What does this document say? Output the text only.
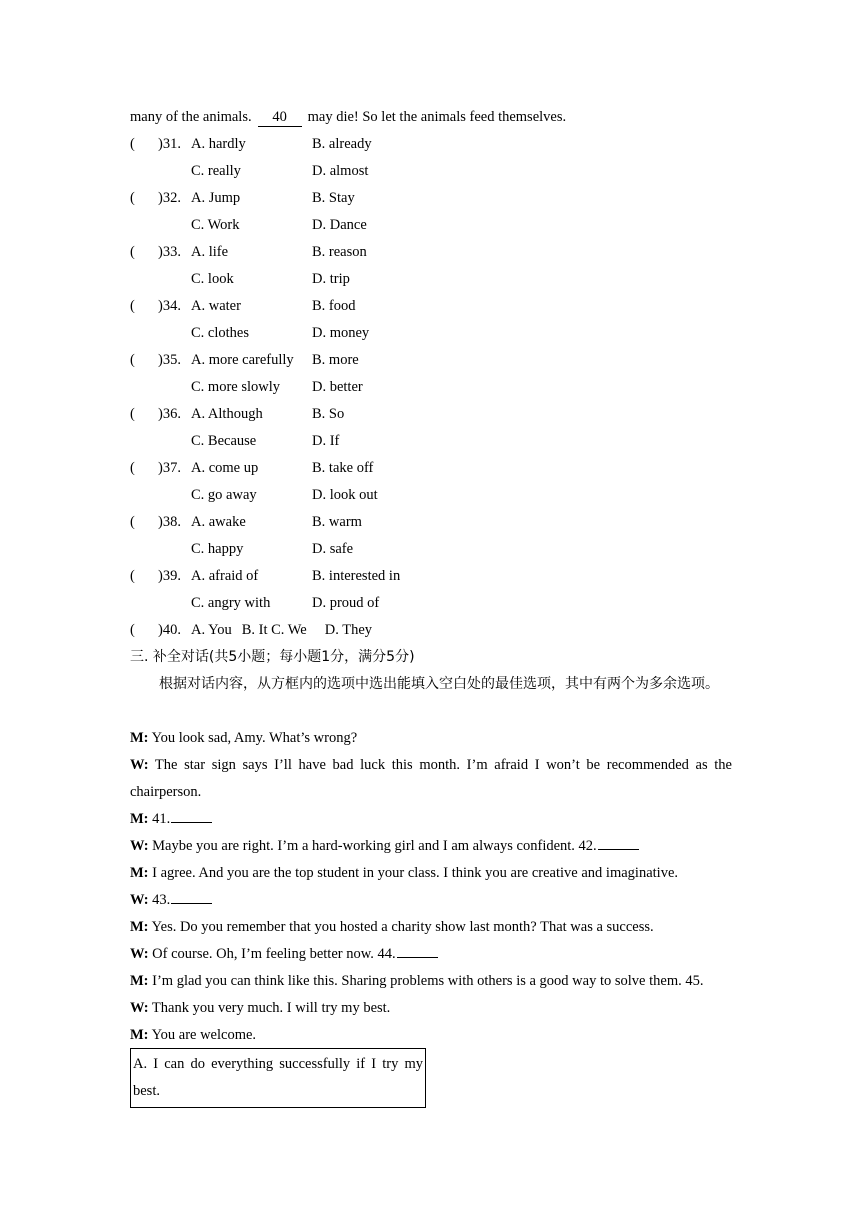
many of the animals. 40 may die! So let the animals feed themselves.
( )31. A. hardly	B. already
C. really	D. almost
( )32. A. Jump	B. Stay
C. Work	D. Dance
( )33. A. life	B. reason
C. look	D. trip
( )34. A. water	B. food
C. clothes	D. money
( )35. A. more carefully B. more
C. more slowly D. better
( )36. A. Although	B. So
C. Because	D. If
( )37. A. come up	B. take off
C. go away	D. look out
( )38. A. awake	B. warm
C. happy	D. safe
( )39. A. afraid of	B. interested in
C. angry with	D. proud of
( )40. A. You B. It C. We D. They
三. 补全对话(共5小题；每小题1分，满分5分)
根据对话内容，从方框内的选项中选出能填入空白处的最佳选项，其中有两个为多余选项。
M: You look sad, Amy. What’s wrong?
W: The star sign says I’ll have bad luck this month. I’m afraid I won’t be recommended as the chairperson.
M: 41.
W: Maybe you are right. I’m a hard-working girl and I am always confident. 42.
M: I agree. And you are the top student in your class. I think you are creative and imaginative.
W: 43.
M: Yes. Do you remember that you hosted a charity show last month? That was a success.
W: Of course. Oh, I’m feeling better now. 44.
M: I’m glad you can think like this. Sharing problems with others is a good way to solve them. 45.
W: Thank you very much. I will try my best.
M: You are welcome.
A. I can do everything successfully if I try my best.
